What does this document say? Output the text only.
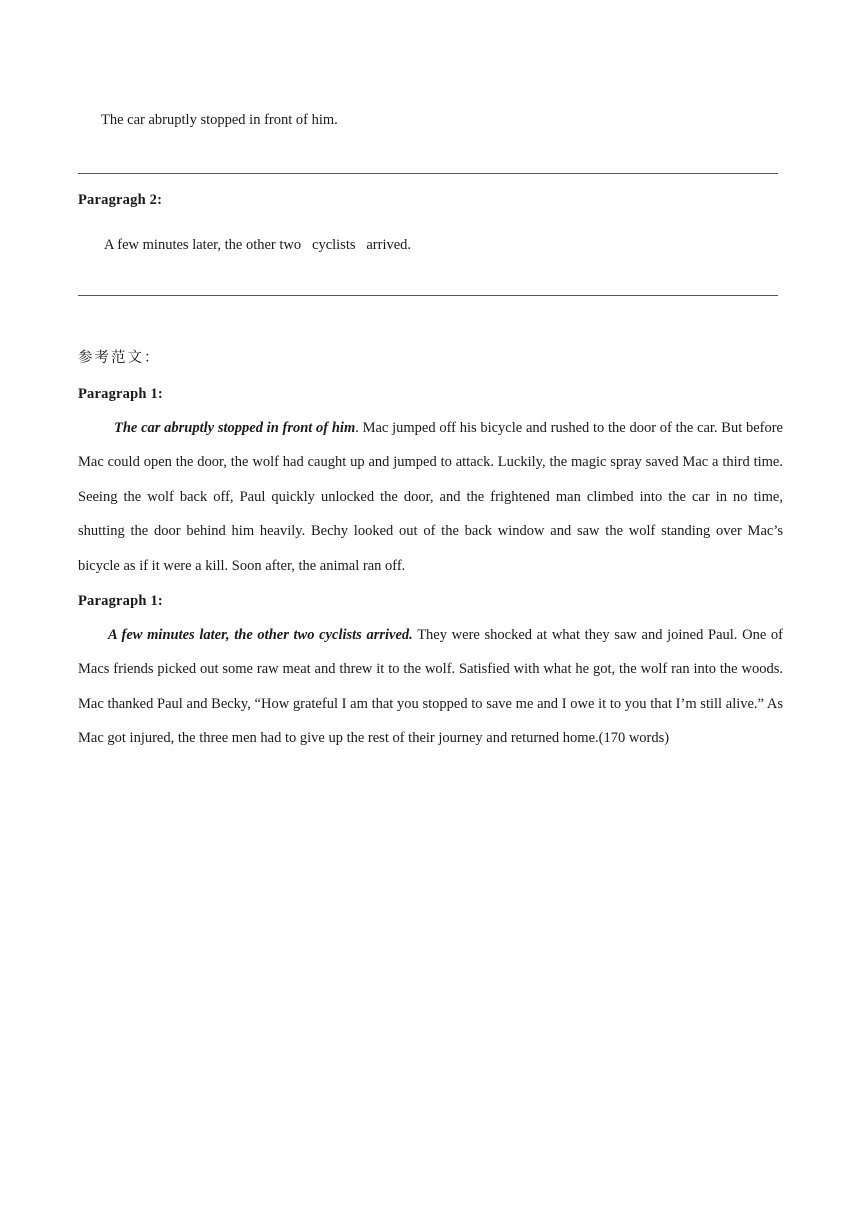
The car abruptly stopped in front of him.
Paragragh 2:
A few minutes later, the other two   cyclists   arrived.
参考范文：
Paragraph 1:

The car abruptly stopped in front of him. Mac jumped off his bicycle and rushed to the door of the car. But before Mac could open the door, the wolf had caught up and jumped to attack. Luckily, the magic spray saved Mac a third time. Seeing the wolf back off, Paul quickly unlocked the door, and the frightened man climbed into the car in no time, shutting the door behind him heavily. Bechy looked out of the back window and saw the wolf standing over Mac’s bicycle as if it were a kill. Soon after, the animal ran off.

Paragraph 1:

A few minutes later, the other two cyclists arrived. They were shocked at what they saw and joined Paul. One of Macs friends picked out some raw meat and threw it to the wolf. Satisfied with what he got, the wolf ran into the woods. Mac thanked Paul and Becky, “How grateful I am that you stopped to save me and I owe it to you that I’m still alive.” As Mac got injured, the three men had to give up the rest of their journey and returned home.(170 words)
